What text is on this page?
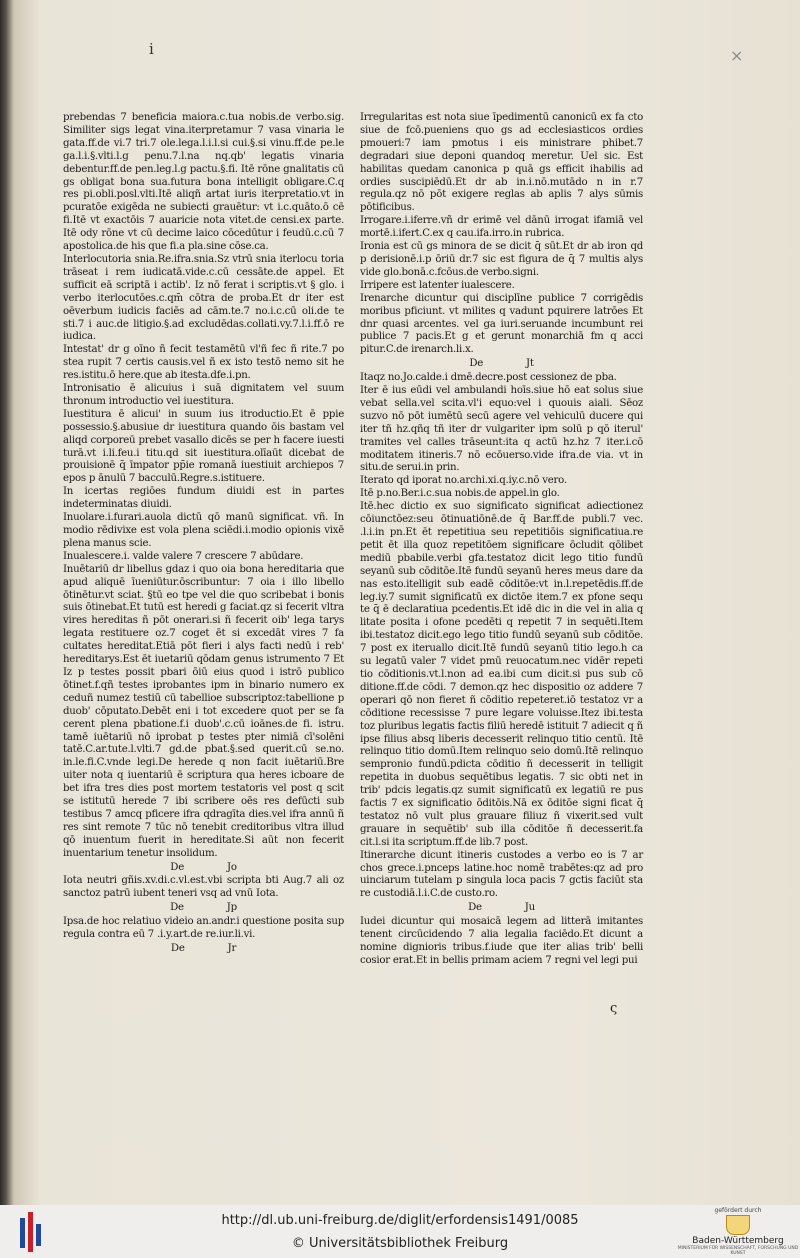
i	×

prebendas 7 beneficia maiora.c.tua nobis.de verbo.sig. Similiter sigs legat vina.iterpretamur 7 vasa vinaria le gata.ff.de vi.7 tri.7 ole.lega.l.i.l.si cui.§.si vinu.ff.de pe.le ga.l.i.§.vlti.l.g penu.7.l.na nq.qb' legatis vinaria debentur.ff.de pen.leg.l.g pactu.§.fi. Itē rōne gnalitatis cū gs obligat bona sua.futura bona intelligit obligare.C.q res pi.obli.posl.vlti.Itē aliqñ artat iuris iterpretatio.vt in pcuratōe exigēda ne subiecti grauētur: vt i.c.quāto.ō cē fi.Itē vt exactōis 7 auaricie nota vitet.de censi.ex parte. Itē ody rōne vt cū decime laico cōcedūtur i feudū.c.cū 7 apostolica.de his que fi.a pla.sine cōse.ca.

Interlocutoria snia.Re.ifra.snia.Sz vtrū snia iterlocu toria trāseat i rem iudicatā.vide.c.cū cessāte.de appel. Et sufficit eā scriptā i actib'. Iz nō ferat i scriptis.vt § glo. i verbo iterlocutōes.c.qm̄ cōtra de proba.Et dr iter est oēverbum iudicis faciēs ad cām.te.7 no.i.c.cū oli.de te sti.7 i auc.de litigio.§.ad excludēdas.collati.vy.7.l.i.ff.ō re iudica.

Intestat' dr g oīno ñ fecit testamētū vl'ñ fec ñ rite.7 po stea rupit 7 certis causis.vel ñ ex isto testō nemo sit he res.istitu.ō here.que ab itesta.dfe.i.pn.

Intronisatio ē alicuius i suā dignitatem vel suum thronum introductio vel iuestitura.

Iuestitura ē alicui' in suum ius itroductio.Et ē ppie possessio.§.abusiue dr iuestitura quando ōis bastam vel aliqd corporeū prebet vasallo dicēs se per h facere iuesti turā.vt i.li.feu.i titu.qd sit iuestitura.olīaūt dicebat de prouisionē q̄ īmpator pp̄ie romanā iuestiuit archiepos 7 epos p ānulū 7 bacculū.Regre.s.istituere.

In icertas regiōes fundum diuidi est in partes indeterminatas diuidi.

Inuolare.i.furari.auola dictū qō manū significat. vñ. In modio rēdivixe est vola plena sciēdi.i.modio opionis vixē plena manus scie.

Inualescere.i. valde valere 7 crescere 7 abūdare.

Inuētariū dr libellus gdaz i quo oia bona hereditaria que apud aliquē īueniūtur.ōscribuntur: 7 oia i illo libello ōtinētur.vt sciat. §tū eo tpe vel die quo scribebat i bonis suis ōtinebat.Et tutū est heredi g faciat.qz si fecerit vltra vires hereditas ñ pōt onerari.si ñ fecerit oib' lega tarys legata restituere oz.7 coget ēt si excedāt vires 7 fa cultates hereditat.Etiā pōt fieri i alys facti nedū i reb' hereditarys.Est ēt iuetariū qōdam genus istrumento 7 Et Iz p testes possit pbari ōiū eius quod i istrō publico ōtinet.f.qñ testes iprobantes ipm in binario numero ex ceduñ numez testiū cū tabellioe subscriptoz:tabellione p duob' cōputato.Debēt eni i tot excedere quot per se fa cerent plena pbatione.f.i duob'.c.cū ioānes.de fi. istru. tamē iuētariū nō iprobat p testes pter nimiā cī'solēni tatē.C.ar.tute.l.vlti.7 gd.de pbat.§.sed querit.cū se.no. in.le.fi.C.vnde legi.De herede q non facit iuētariū.Bre uiter nota q iuentariū ē scriptura qua heres icboare de bet ifra tres dies post mortem testatoris vel post q scit se istitutū herede 7 ibi scribere oēs res defūcti sub testibus 7 amcq pficere ifra qdragīta dies.vel ifra annū ñ res sint remote 7 tūc nō tenebit creditoribus vltra illud qō inuentum fuerit in hereditate.Si aūt non fecerit inuentarium tenetur insolidum.

De Jo

Iota neutri gñis.xv.di.c.vl.est.vbi scripta bti Aug.7 ali oz sanctoz patrū iubent teneri vsq ad vnū Iota.

De Jp

Ipsa.de hoc relatiuo videio an.andr.i questione posita sup regula contra eū 7 .i.y.art.de re.iur.li.vi.

De Jr

Irregularitas est nota siue īpedimentū canonicū ex fa cto siue de fcō.pueniens quo gs ad ecclesiasticos ordies pmoueri:7 iam pmotus i eis ministrare phibet.7 degradari siue deponi quandoq meretur. Uel sic. Est habilitas quedam canonica p quā gs efficit ihabilis ad ordies suscipiēdū.Et dr ab in.i.nō.mutādo n in r.7 regula.qz nō pōt exigere reglas ab aplis 7 alys sūmis pōtificibus.

Irrogare.i.iferre.vñ dr erimē vel dānū irrogat ifamiā vel mortē.i.ifert.C.ex q cau.ifa.irro.in rubrica.

Ironia est cū gs minora de se dicit q̄ sūt.Et dr ab iron qd p derisionē.i.p ōriū dr.7 sic est figura de q̄ 7 multis alys vide glo.bonā.c.fcōus.de verbo.signi.

Irripere est latenter iualescere.

Irenarche dicuntur qui disciplīne publice 7 corrigēdis moribus pficiunt. vt milites q vadunt pquirere latrōes Et dnr quasi arcentes. vel ga iuri.seruande incumbunt rei publice 7 pacis.Et g et gerunt monarchiā fm q acci pitur.C.de irenarch.li.x.

De Jt

Itaqz no.Jo.calde.i dmē.decre.post cessionez de pba.

Iter ē ius eūdi vel ambulandi hoīs.siue hō eat solus siue vebat sella.vel scita.vl'i equo:vel i quouis aiali. Sēoz suzvo nō pōt iumētū secū agere vel vehiculū ducere qui iter tñ hz.qñq tñ iter dr vulgariter ipm solū p qō iterul' tramites vel calles trāseunt:ita q actū hz.hz 7 iter.i.cō moditatem itineris.7 nō ecōuerso.vide ifra.de via. vt in situ.de serui.in prin.

Iterato qd iporat no.archi.xi.q.iy.c.nō vero.

Itē p.no.Ber.i.c.sua nobis.de appel.in glo.

Itē.hec dictio ex suo significato significat adiectionez cōiunctōez:seu ōtinuatiōnē.de q̄ Bar.ff.de publi.7 vec. .l.i.in pn.Et ēt repetitiua seu repetitiōis significatiua.re petit ēt illa quoz repetitōem significare ōcludit qōlibet mediū pbabile.verbi gfa.testatoz dicit lego titio fundū seyanū sub cōditōe.Itē fundū seyanū heres meus dare da nas esto.itelligit sub eadē cōditōe:vt in.l.repetēdis.ff.de leg.iy.7 sumit significatū ex dictōe item.7 ex pfone sequ te q̄ ē declaratiua pcedentis.Et idē dic in die vel in alia q litate posita i ofone pcedēti q repetit 7 in sequēti.Item ibi.testatoz dicit.ego lego titio fundū seyanū sub cōditōe. 7 post ex iteruallo dicit.Itē fundū seyanū titio lego.h ca su legatū valer 7 videt pmū reuocatum.nec vidēr repeti tio cōditionis.vt.l.non ad ea.ibi cum dicit.si pus sub cō ditione.ff.de cōdi. 7 demon.qz hec dispositio oz addere 7 operari qō non fieret ñ cōditio repeteret.iō testatoz vr a cōditione recessisse 7 pure legare voluisse.Itez ibi.testa toz pluribus legatis factis filiū heredē istituit 7 adiecit q ñ ipse filius absq liberis decesserit relinquo titio centū. Itē relinquo titio domū.Item relinquo seio domū.Itē relinquo sempronio fundū.pdicta cōditio ñ decesserit in telligit repetita in duobus sequētibus legatis. 7 sic obti net in trib' pdcis legatis.qz sumit significatū ex legatiū re pus factis 7 ex significatio ōditōis.Nā ex ōditōe signi ficat q̄ testatoz nō vult plus grauare filiuz ñ vixerit.sed vult grauare in sequētib' sub illa cōditōe ñ decesserit.fa cit.l.si ita scriptum.ff.de lib.7 post.

Itinerarche dicunt itineris custodes a verbo eo is 7 ar chos grece.i.pnceps latine.hoc nomē trabētes:qz ad pro uinciarum tutelam p singula loca pacis 7 gctis faciūt sta re custodiā.l.i.C.de custo.ro.

De Ju

Iudei dicuntur qui mosaicā legem ad litterā imitantes tenent circūcidendo 7 alia legalia faciēdo.Et dicunt a nomine dignioris tribus.f.iude que iter alias trib' belli cosior erat.Et in bellis primam aciem 7 regni vel legi pui

ς
http://dl.ub.uni-freiburg.de/diglit/erfordensis1491/0085
© Universitätsbibliothek Freiburg
gefördert durch
Baden-Württemberg
MINISTERIUM FÜR WISSENSCHAFT, FORSCHUNG UND KUNST
